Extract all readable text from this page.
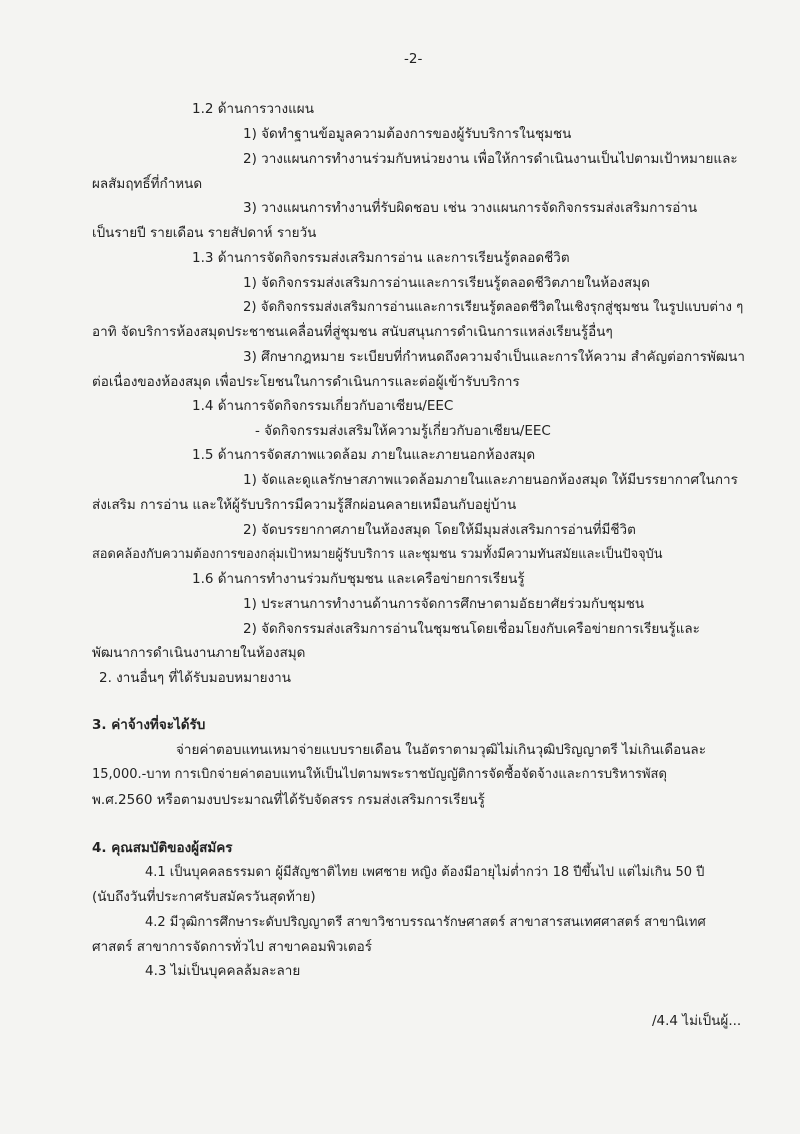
-2-
1.2 ด้านการวางแผน
1) จัดทำฐานข้อมูลความต้องการของผู้รับบริการในชุมชน
2) วางแผนการทำงานร่วมกับหน่วยงาน เพื่อให้การดำเนินงานเป็นไปตามเป้าหมายและ
ผลสัมฤทธิ์ที่กำหนด
3) วางแผนการทำงานที่รับผิดชอบ เช่น วางแผนการจัดกิจกรรมส่งเสริมการอ่าน
เป็นรายปี รายเดือน รายสัปดาห์ รายวัน
1.3 ด้านการจัดกิจกรรมส่งเสริมการอ่าน และการเรียนรู้ตลอดชีวิต
1) จัดกิจกรรมส่งเสริมการอ่านและการเรียนรู้ตลอดชีวิตภายในห้องสมุด
2) จัดกิจกรรมส่งเสริมการอ่านและการเรียนรู้ตลอดชีวิตในเชิงรุกสู่ชุมชน ในรูปแบบต่าง ๆ
อาทิ จัดบริการห้องสมุดประชาชนเคลื่อนที่สู่ชุมชน สนับสนุนการดำเนินการแหล่งเรียนรู้อื่นๆ
3) ศึกษากฎหมาย ระเบียบที่กำหนดถึงความจำเป็นและการให้ความ สำคัญต่อการพัฒนา
ต่อเนื่องของห้องสมุด เพื่อประโยชนในการดำเนินการและต่อผู้เข้ารับบริการ
1.4 ด้านการจัดกิจกรรมเกี่ยวกับอาเซียน/EEC
- จัดกิจกรรมส่งเสริมให้ความรู้เกี่ยวกับอาเซียน/EEC
1.5 ด้านการจัดสภาพแวดล้อม ภายในและภายนอกห้องสมุด
1) จัดและดูแลรักษาสภาพแวดล้อมภายในและภายนอกห้องสมุด ให้มีบรรยากาศในการ
ส่งเสริม การอ่าน และให้ผู้รับบริการมีความรู้สึกผ่อนคลายเหมือนกับอยู่บ้าน
2) จัดบรรยากาศภายในห้องสมุด โดยให้มีมุมส่งเสริมการอ่านที่มีชีวิต
สอดคล้องกับความต้องการของกลุ่มเป้าหมายผู้รับบริการ และชุมชน รวมทั้งมีความทันสมัยและเป็นปัจจุบัน
1.6 ด้านการทำงานร่วมกับชุมชน และเครือข่ายการเรียนรู้
1) ประสานการทำงานด้านการจัดการศึกษาตามอัธยาศัยร่วมกับชุมชน
2) จัดกิจกรรมส่งเสริมการอ่านในชุมชนโดยเชื่อมโยงกับเครือข่ายการเรียนรู้และ
พัฒนาการดำเนินงานภายในห้องสมุด
2. งานอื่นๆ ที่ได้รับมอบหมายงาน
3. ค่าจ้างที่จะได้รับ
จ่ายค่าตอบแทนเหมาจ่ายแบบรายเดือน ในอัตราตามวุฒิไม่เกินวุฒิปริญญาตรี ไม่เกินเดือนละ
15,000.-บาท การเบิกจ่ายค่าตอบแทนให้เป็นไปตามพระราชบัญญัติการจัดซื้อจัดจ้างและการบริหารพัสดุ
พ.ศ.2560 หรือตามงบประมาณที่ได้รับจัดสรร กรมส่งเสริมการเรียนรู้
4. คุณสมบัติของผู้สมัคร
4.1 เป็นบุคคลธรรมดา ผู้มีสัญชาติไทย เพศชาย หญิง ต้องมีอายุไม่ต่ำกว่า 18 ปีขึ้นไป แต่ไม่เกิน 50 ปี
(นับถึงวันที่ประกาศรับสมัครวันสุดท้าย)
4.2 มีวุฒิการศึกษาระดับปริญญาตรี สาขาวิชาบรรณารักษศาสตร์ สาขาสารสนเทศศาสตร์ สาขานิเทศ
ศาสตร์ สาขาการจัดการทั่วไป สาขาคอมพิวเตอร์
4.3 ไม่เป็นบุคคลล้มละลาย
/4.4 ไม่เป็นผู้...
